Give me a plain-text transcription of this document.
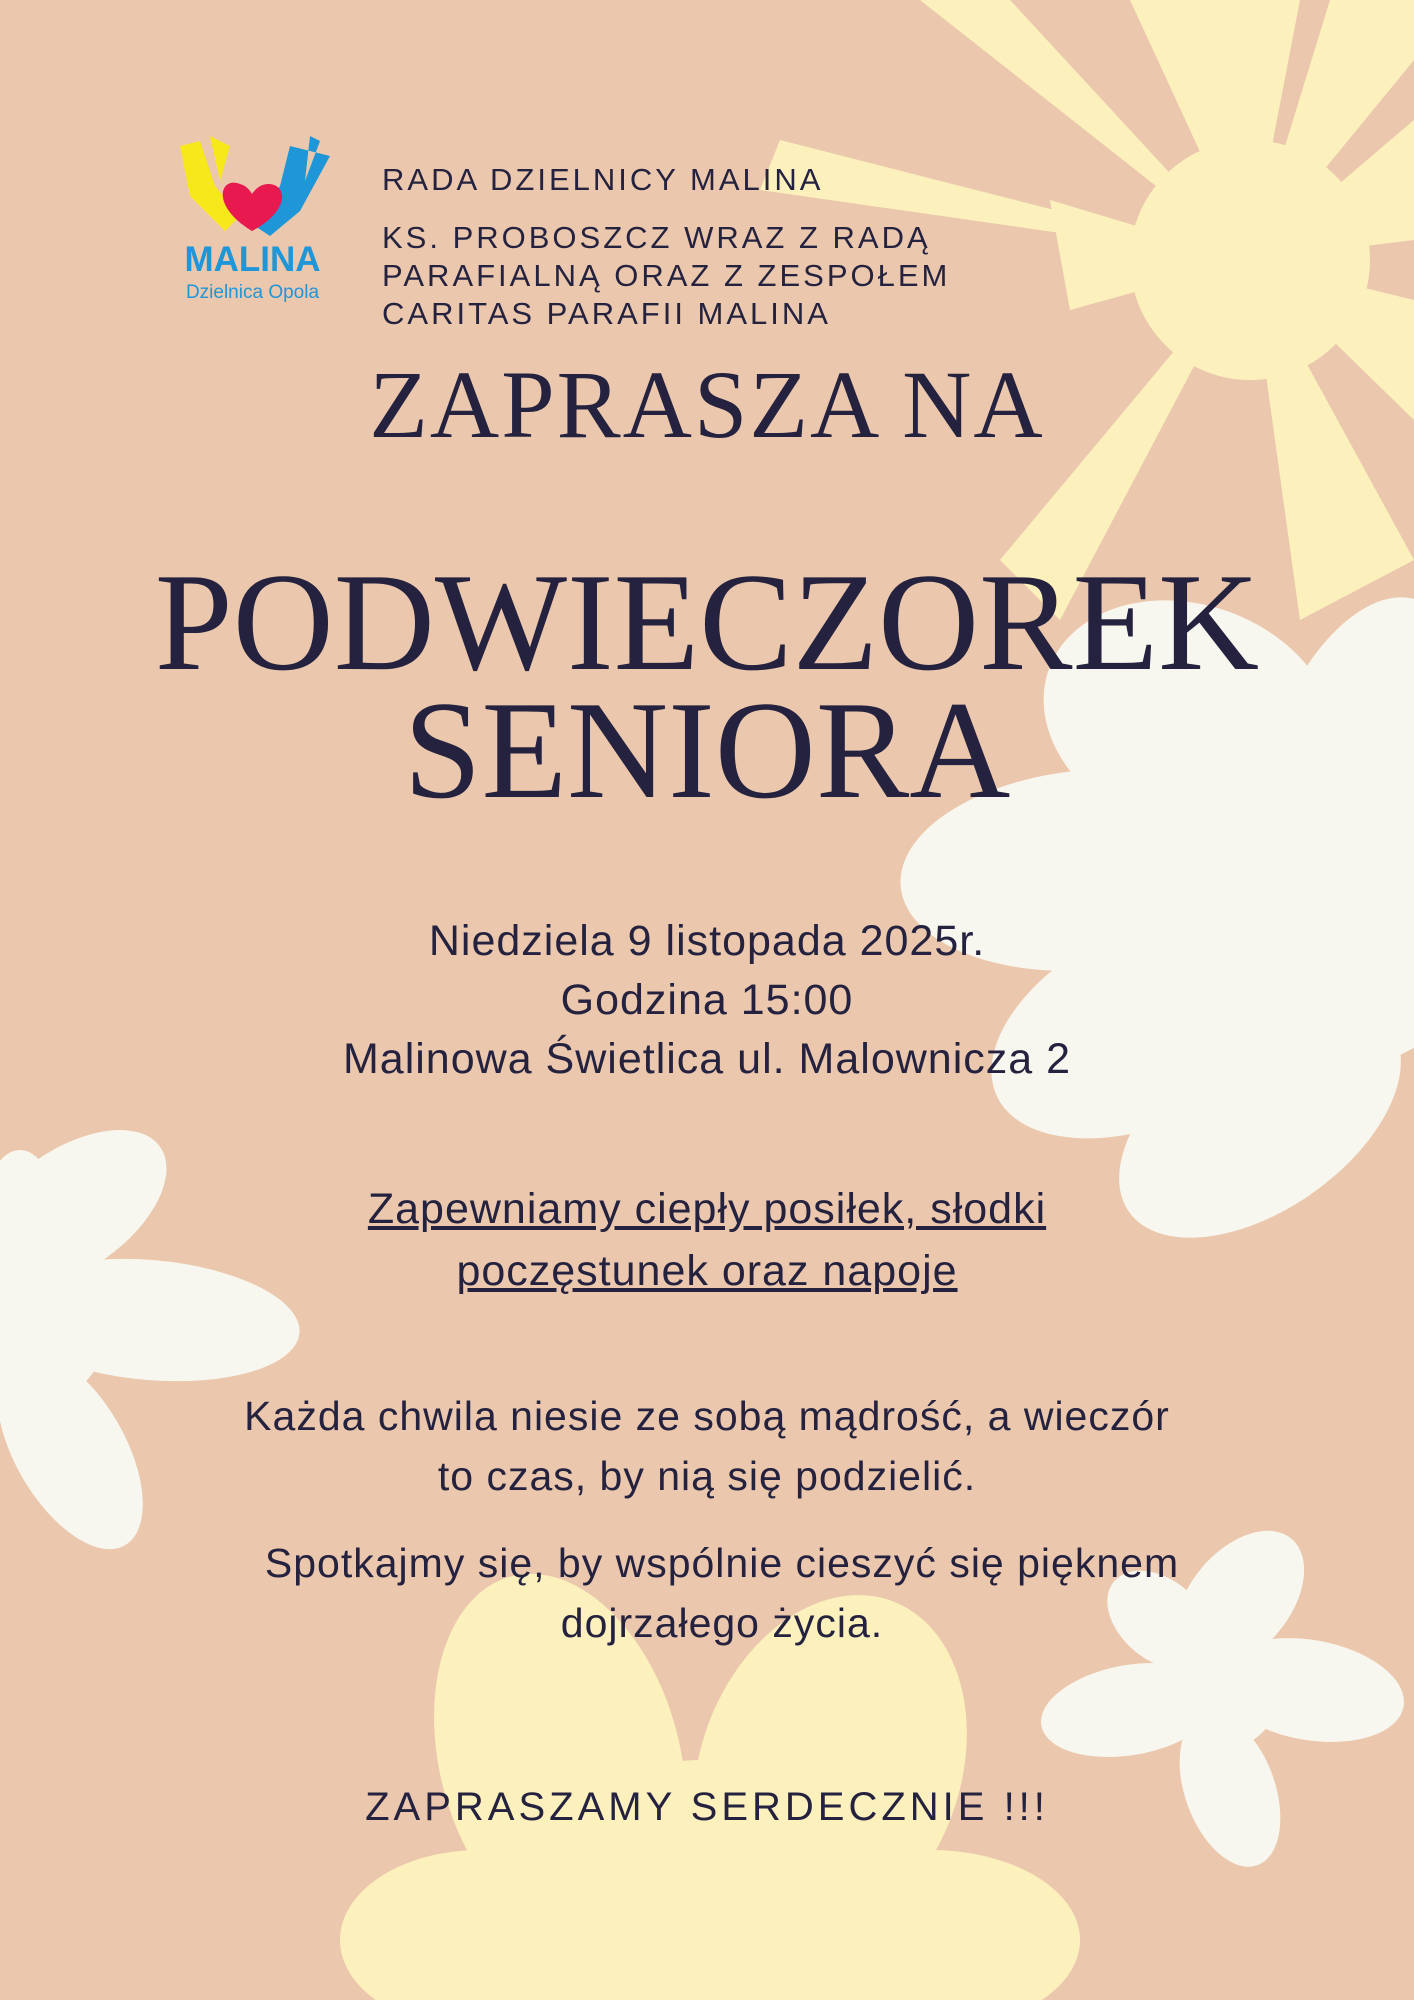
MALINA
Dzielnica Opola
RADA DZIELNICY MALINA
KS. PROBOSZCZ WRAZ Z RADĄ
PARAFIALNĄ ORAZ Z ZESPOŁEM
CARITAS PARAFII MALINA
ZAPRASZA NA
PODWIECZOREK
SENIORA
Niedziela 9 listopada 2025r.
Godzina 15:00
Malinowa Świetlica ul. Malownicza 2
Zapewniamy ciepły posiłek, słodki
poczęstunek oraz napoje
Każda chwila niesie ze sobą mądrość, a wieczór
to czas, by nią się podzielić.
Spotkajmy się, by wspólnie cieszyć się pięknem
dojrzałego życia.
ZAPRASZAMY SERDECZNIE !!!
